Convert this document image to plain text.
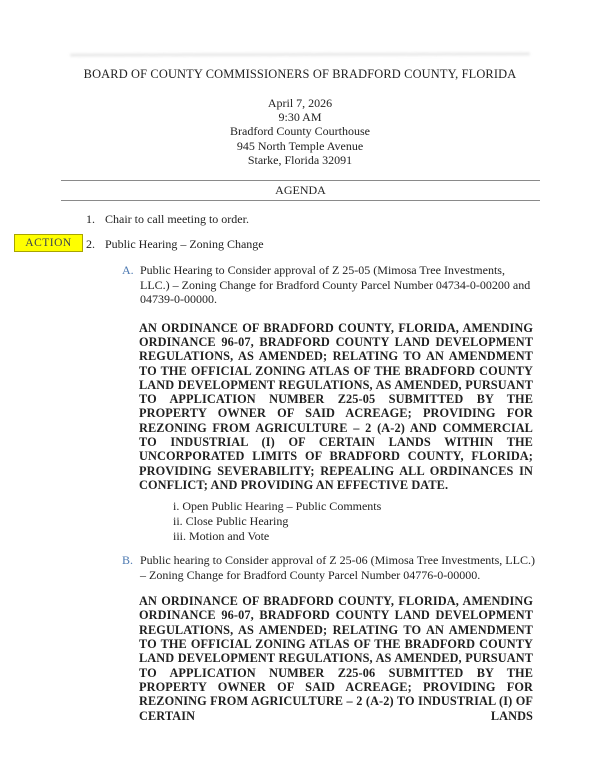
BOARD OF COUNTY COMMISSIONERS OF BRADFORD COUNTY, FLORIDA
April 7, 2026
9:30 AM
Bradford County Courthouse
945 North Temple Avenue
Starke, Florida 32091
AGENDA
1. Chair to call meeting to order.
ACTION	2. Public Hearing – Zoning Change
A. Public Hearing to Consider approval of Z 25-05 (Mimosa Tree Investments, LLC.) – Zoning Change for Bradford County Parcel Number 04734-0-00200 and 04739-0-00000.

AN ORDINANCE OF BRADFORD COUNTY, FLORIDA, AMENDING ORDINANCE 96-07, BRADFORD COUNTY LAND DEVELOPMENT REGULATIONS, AS AMENDED; RELATING TO AN AMENDMENT TO THE OFFICIAL ZONING ATLAS OF THE BRADFORD COUNTY LAND DEVELOPMENT REGULATIONS, AS AMENDED, PURSUANT TO APPLICATION NUMBER Z25-05 SUBMITTED BY THE PROPERTY OWNER OF SAID ACREAGE; PROVIDING FOR REZONING FROM AGRICULTURE – 2 (A-2) AND COMMERCIAL TO INDUSTRIAL (I) OF CERTAIN LANDS WITHIN THE UNCORPORATED LIMITS OF BRADFORD COUNTY, FLORIDA; PROVIDING SEVERABILITY; REPEALING ALL ORDINANCES IN CONFLICT; AND PROVIDING AN EFFECTIVE DATE.

i. Open Public Hearing – Public Comments
ii. Close Public Hearing
iii. Motion and Vote
B. Public hearing to Consider approval of Z 25-06 (Mimosa Tree Investments, LLC.) – Zoning Change for Bradford County Parcel Number 04776-0-00000.

AN ORDINANCE OF BRADFORD COUNTY, FLORIDA, AMENDING ORDINANCE 96-07, BRADFORD COUNTY LAND DEVELOPMENT REGULATIONS, AS AMENDED; RELATING TO AN AMENDMENT TO THE OFFICIAL ZONING ATLAS OF THE BRADFORD COUNTY LAND DEVELOPMENT REGULATIONS, AS AMENDED, PURSUANT TO APPLICATION NUMBER Z25-06 SUBMITTED BY THE PROPERTY OWNER OF SAID ACREAGE; PROVIDING FOR REZONING FROM AGRICULTURE – 2 (A-2) TO INDUSTRIAL (I) OF CERTAIN LANDS
